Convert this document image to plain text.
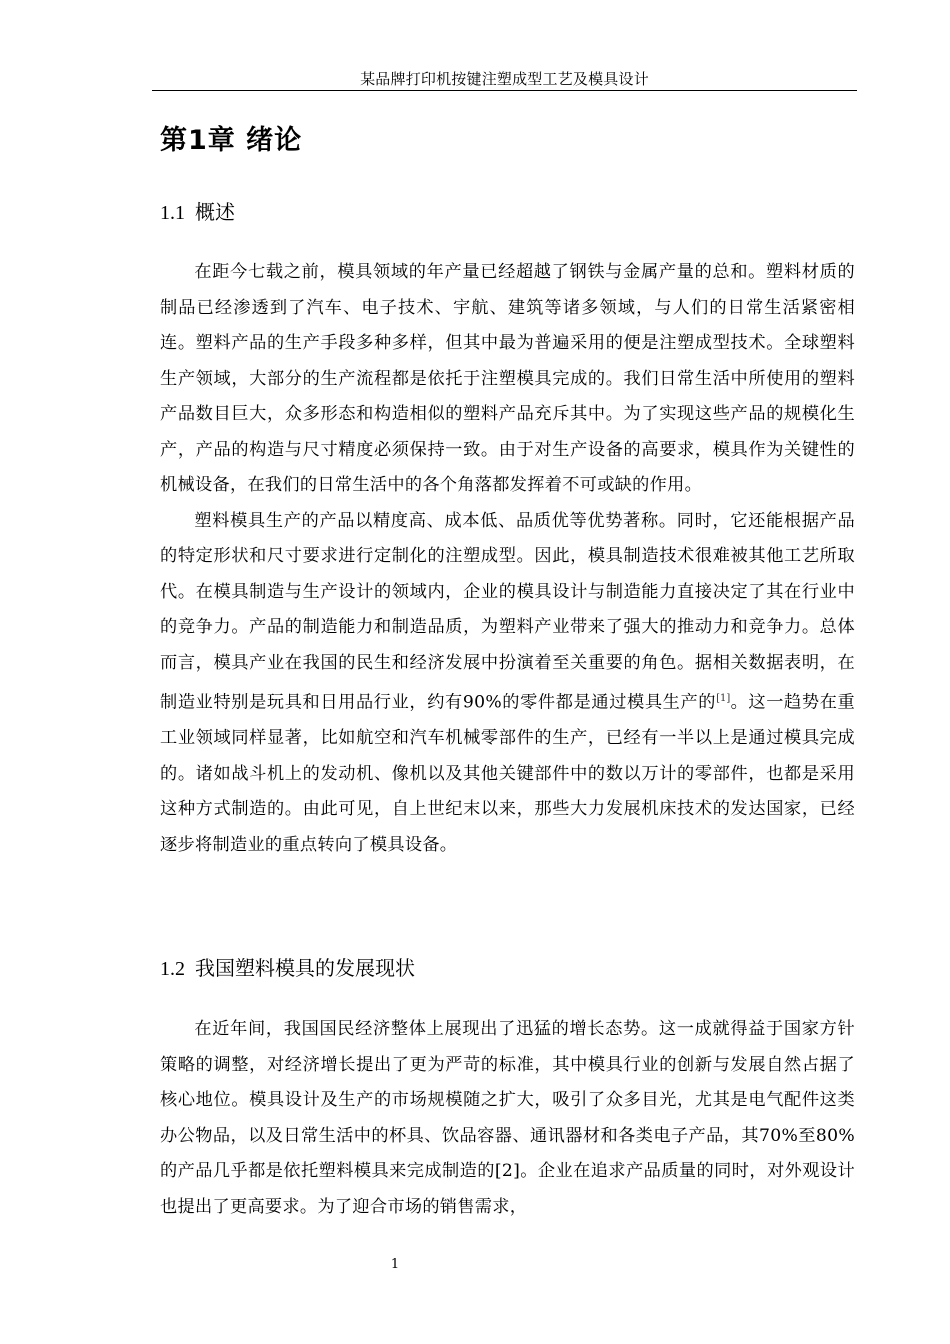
某品牌打印机按键注塑成型工艺及模具设计
第1章 绪论
1.1 概述

在距今七载之前，模具领域的年产量已经超越了钢铁与金属产量的总和。塑料材质的制品已经渗透到了汽车、电子技术、宇航、建筑等诸多领域，与人们的日常生活紧密相连。塑料产品的生产手段多种多样，但其中最为普遍采用的便是注塑成型技术。全球塑料生产领域，大部分的生产流程都是依托于注塑模具完成的。我们日常生活中所使用的塑料产品数目巨大，众多形态和构造相似的塑料产品充斥其中。为了实现这些产品的规模化生产，产品的构造与尺寸精度必须保持一致。由于对生产设备的高要求，模具作为关键性的机械设备，在我们的日常生活中的各个角落都发挥着不可或缺的作用。

塑料模具生产的产品以精度高、成本低、品质优等优势著称。同时，它还能根据产品的特定形状和尺寸要求进行定制化的注塑成型。因此，模具制造技术很难被其他工艺所取代。在模具制造与生产设计的领域内，企业的模具设计与制造能力直接决定了其在行业中的竞争力。产品的制造能力和制造品质，为塑料产业带来了强大的推动力和竞争力。总体而言，模具产业在我国的民生和经济发展中扮演着至关重要的角色。据相关数据表明，在制造业特别是玩具和日用品行业，约有90%的零件都是通过模具生产的[1]。这一趋势在重工业领域同样显著，比如航空和汽车机械零部件的生产，已经有一半以上是通过模具完成的。诸如战斗机上的发动机、像机以及其他关键部件中的数以万计的零部件，也都是采用这种方式制造的。由此可见，自上世纪末以来，那些大力发展机床技术的发达国家，已经逐步将制造业的重点转向了模具设备。

1.2 我国塑料模具的发展现状

在近年间，我国国民经济整体上展现出了迅猛的增长态势。这一成就得益于国家方针策略的调整，对经济增长提出了更为严苛的标准，其中模具行业的创新与发展自然占据了核心地位。模具设计及生产的市场规模随之扩大，吸引了众多目光，尤其是电气配件这类办公物品，以及日常生活中的杯具、饮品容器、通讯器材和各类电子产品，其70%至80%的产品几乎都是依托塑料模具来完成制造的[2]。企业在追求产品质量的同时，对外观设计也提出了更高要求。为了迎合市场的销售需求，

1
